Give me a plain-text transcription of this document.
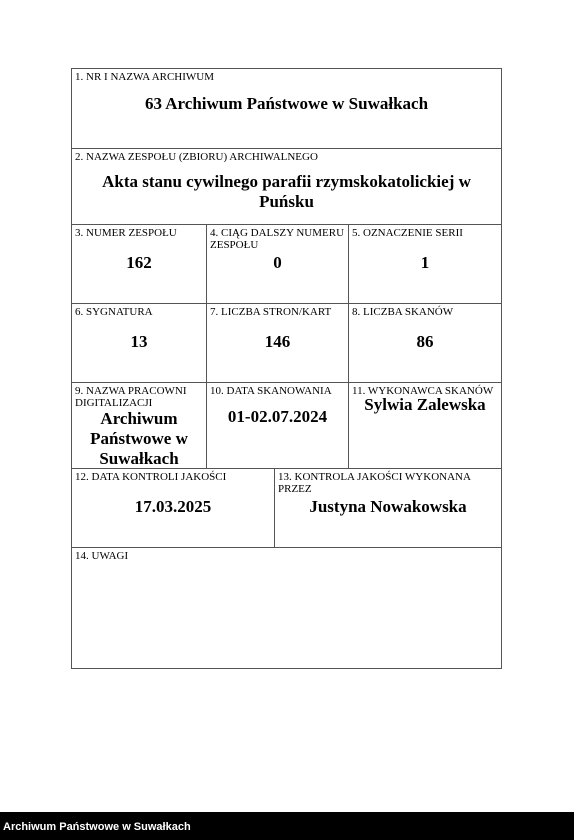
1. NR I NAZWA ARCHIWUM
63 Archiwum Państwowe w Suwałkach
2. NAZWA ZESPOŁU (ZBIORU) ARCHIWALNEGO
Akta stanu cywilnego parafii rzymskokatolickiej w Puńsku
3. NUMER ZESPOŁU
162
4. CIĄG DALSZY NUMERU ZESPOŁU
0
5. OZNACZENIE SERII
1
6. SYGNATURA
13
7. LICZBA STRON/KART
146
8. LICZBA SKANÓW
86
9. NAZWA PRACOWNI DIGITALIZACJI
Archiwum Państwowe w Suwałkach
10. DATA SKANOWANIA
01-02.07.2024
11. WYKONAWCA SKANÓW
Sylwia Zalewska
12. DATA KONTROLI JAKOŚCI
17.03.2025
13. KONTROLA JAKOŚCI WYKONANA PRZEZ
Justyna Nowakowska
14. UWAGI
Archiwum Państwowe w Suwałkach
